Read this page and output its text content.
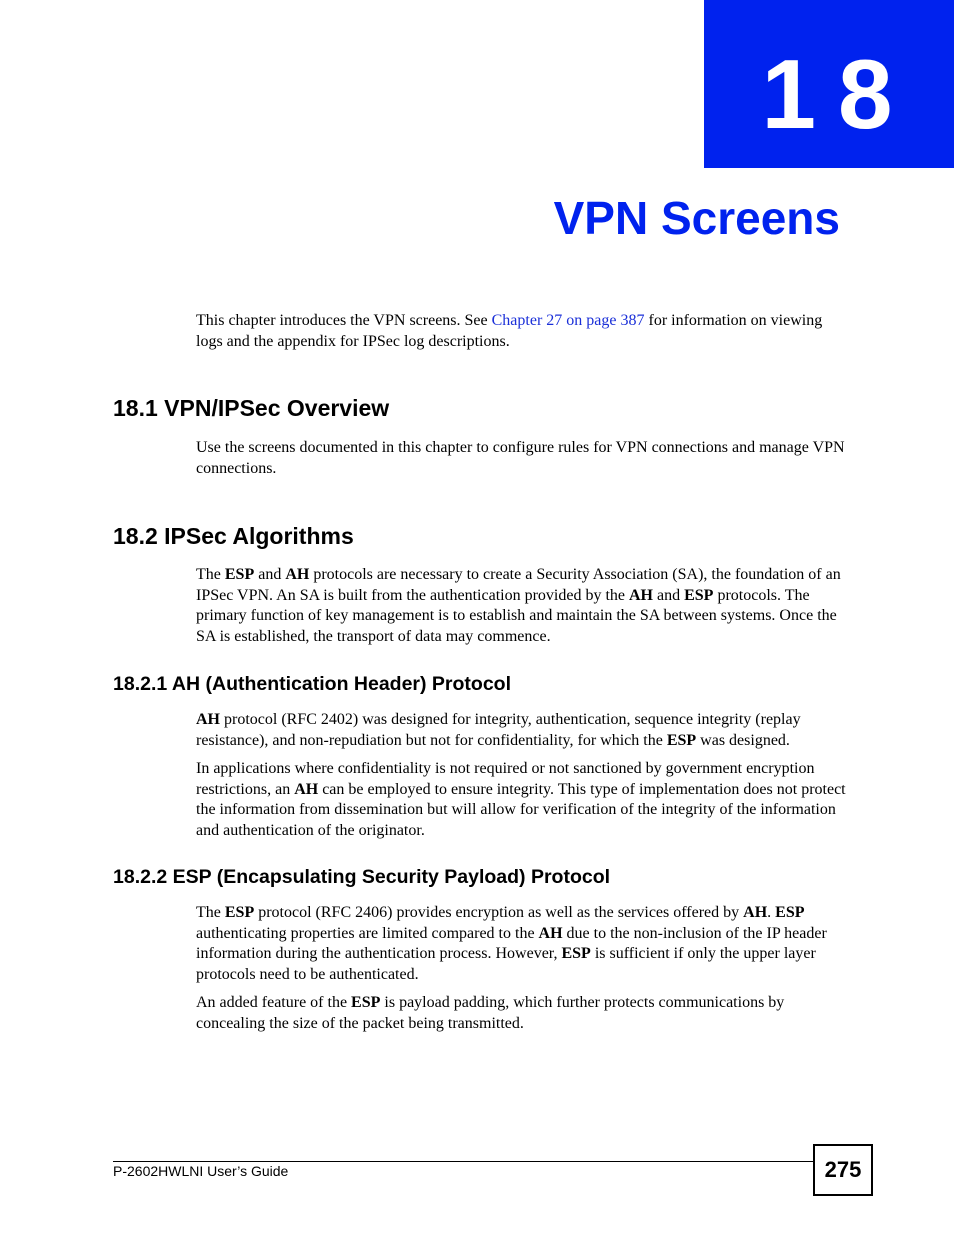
18
VPN Screens
This chapter introduces the VPN screens. See Chapter 27 on page 387 for information on viewing logs and the appendix for IPSec log descriptions.
18.1 VPN/IPSec Overview
Use the screens documented in this chapter to configure rules for VPN connections and manage VPN connections.
18.2 IPSec Algorithms
The ESP and AH protocols are necessary to create a Security Association (SA), the foundation of an IPSec VPN. An SA is built from the authentication provided by the AH and ESP protocols. The primary function of key management is to establish and maintain the SA between systems. Once the SA is established, the transport of data may commence.
18.2.1 AH (Authentication Header) Protocol
AH protocol (RFC 2402) was designed for integrity, authentication, sequence integrity (replay resistance), and non-repudiation but not for confidentiality, for which the ESP was designed.
In applications where confidentiality is not required or not sanctioned by government encryption restrictions, an AH can be employed to ensure integrity. This type of implementation does not protect the information from dissemination but will allow for verification of the integrity of the information and authentication of the originator.
18.2.2 ESP (Encapsulating Security Payload) Protocol
The ESP protocol (RFC 2406) provides encryption as well as the services offered by AH. ESP authenticating properties are limited compared to the AH due to the non-inclusion of the IP header information during the authentication process. However, ESP is sufficient if only the upper layer protocols need to be authenticated.
An added feature of the ESP is payload padding, which further protects communications by concealing the size of the packet being transmitted.
P-2602HWLNI User’s Guide	275
